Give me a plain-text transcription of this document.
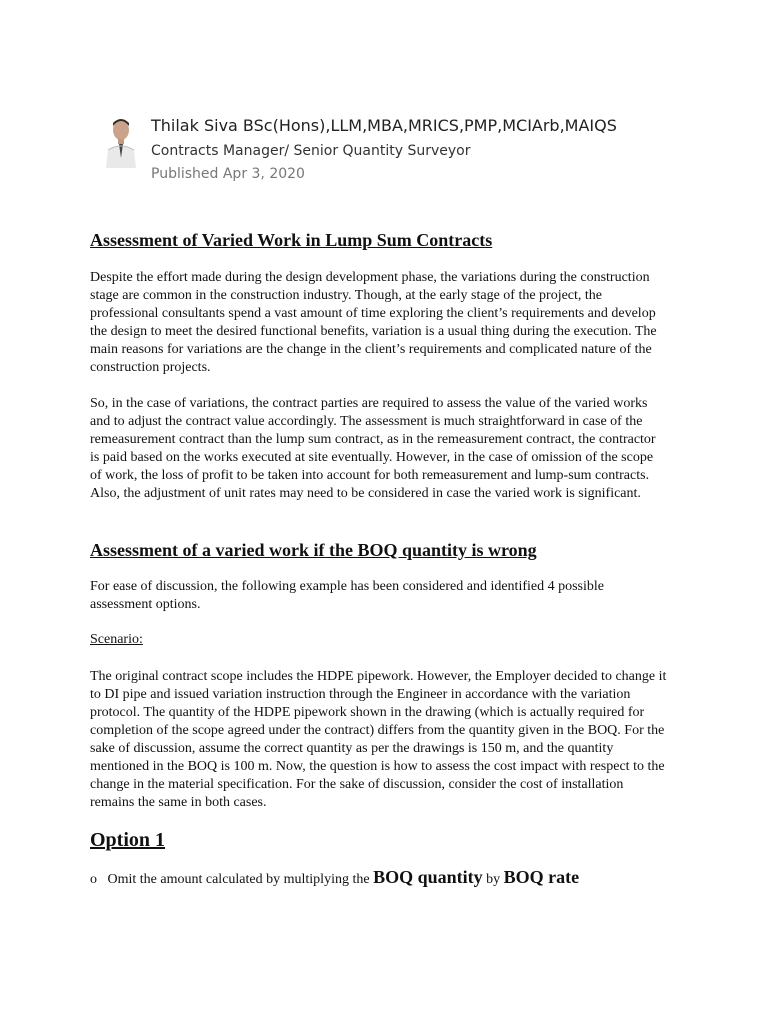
Thilak Siva BSc(Hons),LLM,MBA,MRICS,PMP,MCIArb,MAIQS
Contracts Manager/ Senior Quantity Surveyor
Published Apr 3, 2020
Assessment of Varied Work in Lump Sum Contracts

Despite the effort made during the design development phase, the variations during the construction stage are common in the construction industry. Though, at the early stage of the project, the professional consultants spend a vast amount of time exploring the client’s requirements and develop the design to meet the desired functional benefits, variation is a usual thing during the execution. The main reasons for variations are the change in the client’s requirements and complicated nature of the construction projects.

So, in the case of variations, the contract parties are required to assess the value of the varied works and to adjust the contract value accordingly. The assessment is much straightforward in case of the remeasurement contract than the lump sum contract, as in the remeasurement contract, the contractor is paid based on the works executed at site eventually. However, in the case of omission of the scope of work, the loss of profit to be taken into account for both remeasurement and lump-sum contracts. Also, the adjustment of unit rates may need to be considered in case the varied work is significant.

Assessment of a varied work if the BOQ quantity is wrong

For ease of discussion, the following example has been considered and identified 4 possible assessment options.

Scenario:

The original contract scope includes the HDPE pipework. However, the Employer decided to change it to DI pipe and issued variation instruction through the Engineer in accordance with the variation protocol. The quantity of the HDPE pipework shown in the drawing (which is actually required for completion of the scope agreed under the contract) differs from the quantity given in the BOQ. For the sake of discussion, assume the correct quantity as per the drawings is 150 m, and the quantity mentioned in the BOQ is 100 m. Now, the question is how to assess the cost impact with respect to the change in the material specification. For the sake of discussion, consider the cost of installation remains the same in both cases.

Option 1
o Omit the amount calculated by multiplying the BOQ quantity by BOQ rate
